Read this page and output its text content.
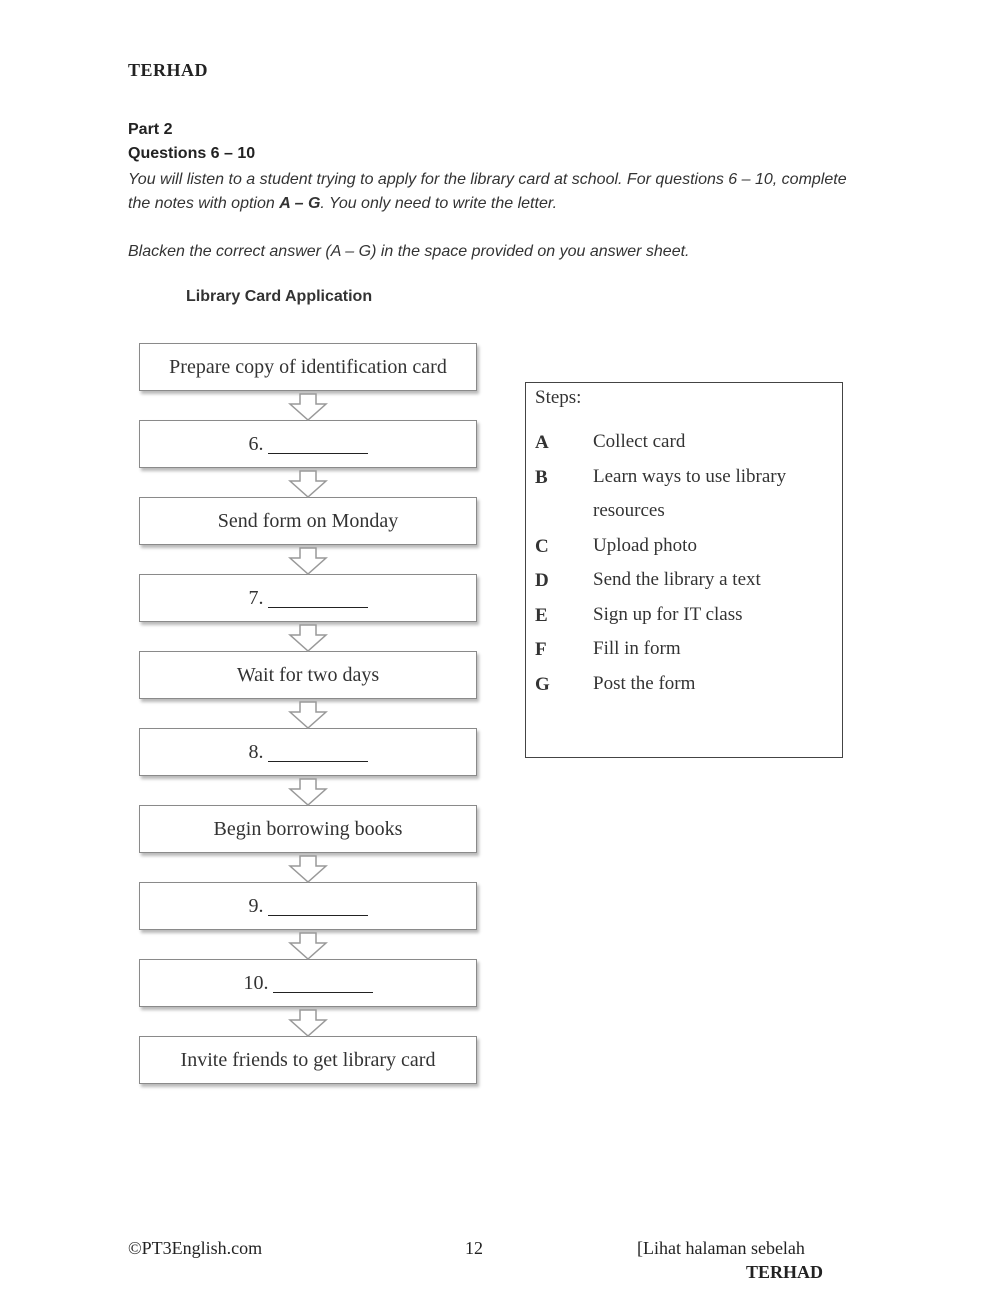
TERHAD
Part 2
Questions 6 – 10
You will listen to a student trying to apply for the library card at school. For questions 6 – 10, complete the notes with option A – G. You only need to write the letter.
Blacken the correct answer (A – G) in the space provided on you answer sheet.
Library Card Application
Prepare copy of identification card
6.
Send form on Monday
7.
Wait for two days
8.
Begin borrowing books
9.
10.
Invite friends to get library card
Steps:
A Collect card
B Learn ways to use library resources
C Upload photo
D Send the library a text
E Sign up for IT class
F Fill in form
G Post the form
©PT3English.com	12	[Lihat halaman sebelah
TERHAD
